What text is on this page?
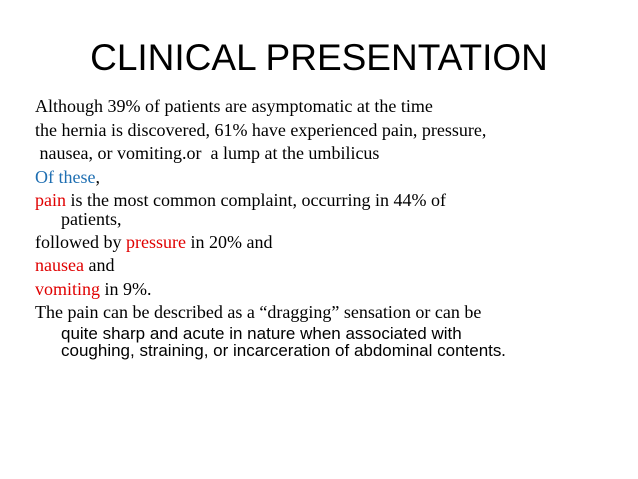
CLINICAL PRESENTATION

Although 39% of patients are asymptomatic at the time

the hernia is discovered, 61% have experienced pain, pressure,

nausea, or vomiting.or  a lump at the umbilicus

Of these,

pain is the most common complaint, occurring in 44% of

patients,

followed by pressure in 20% and

nausea and

vomiting in 9%.

The pain can be described as a “dragging” sensation or can be

quite sharp and acute in nature when associated with

coughing, straining, or incarceration of abdominal contents.
